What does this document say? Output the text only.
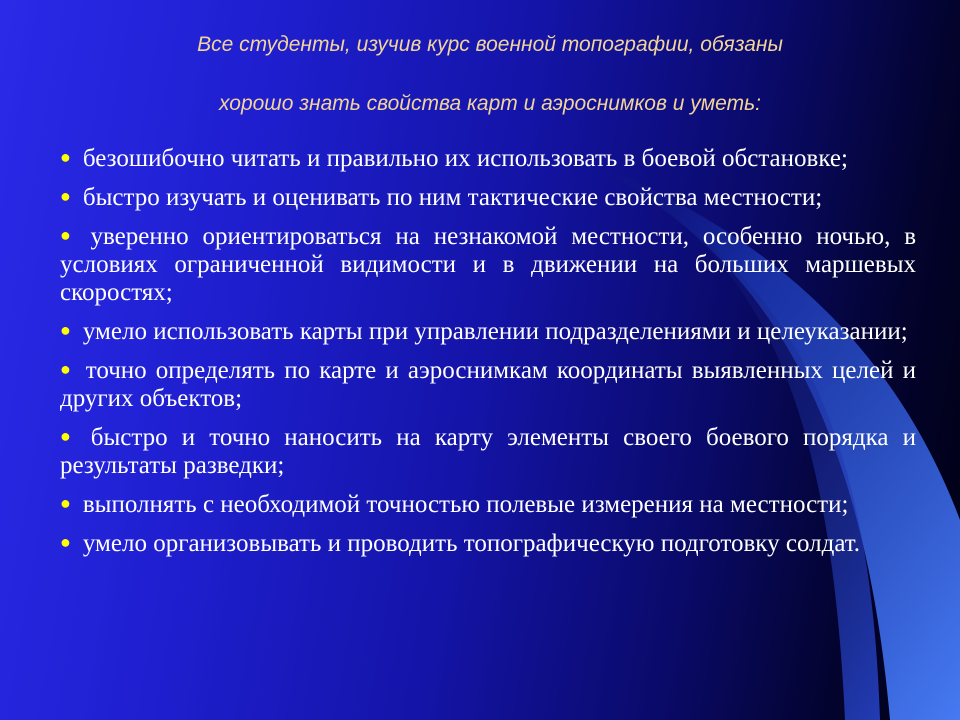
Все студенты, изучив курс военной топографии, обязаны
хорошо знать свойства карт и аэроснимков и уметь:
● безошибочно читать и правильно их использовать в боевой обстановке;
● быстро изучать и оценивать по ним тактические свойства местности;
● уверенно ориентироваться на незнакомой местности, особенно ночью, в условиях ограниченной видимости и в движении на больших маршевых скоростях;
● умело использовать карты при управлении подразделениями и целеуказании;
● точно определять по карте и аэроснимкам координаты выявленных целей и других объектов;
● быстро и точно наносить на карту элементы своего боевого порядка и результаты разведки;
● выполнять с необходимой точностью полевые измерения на местности;
● умело организовывать и проводить топографическую подготовку солдат.
